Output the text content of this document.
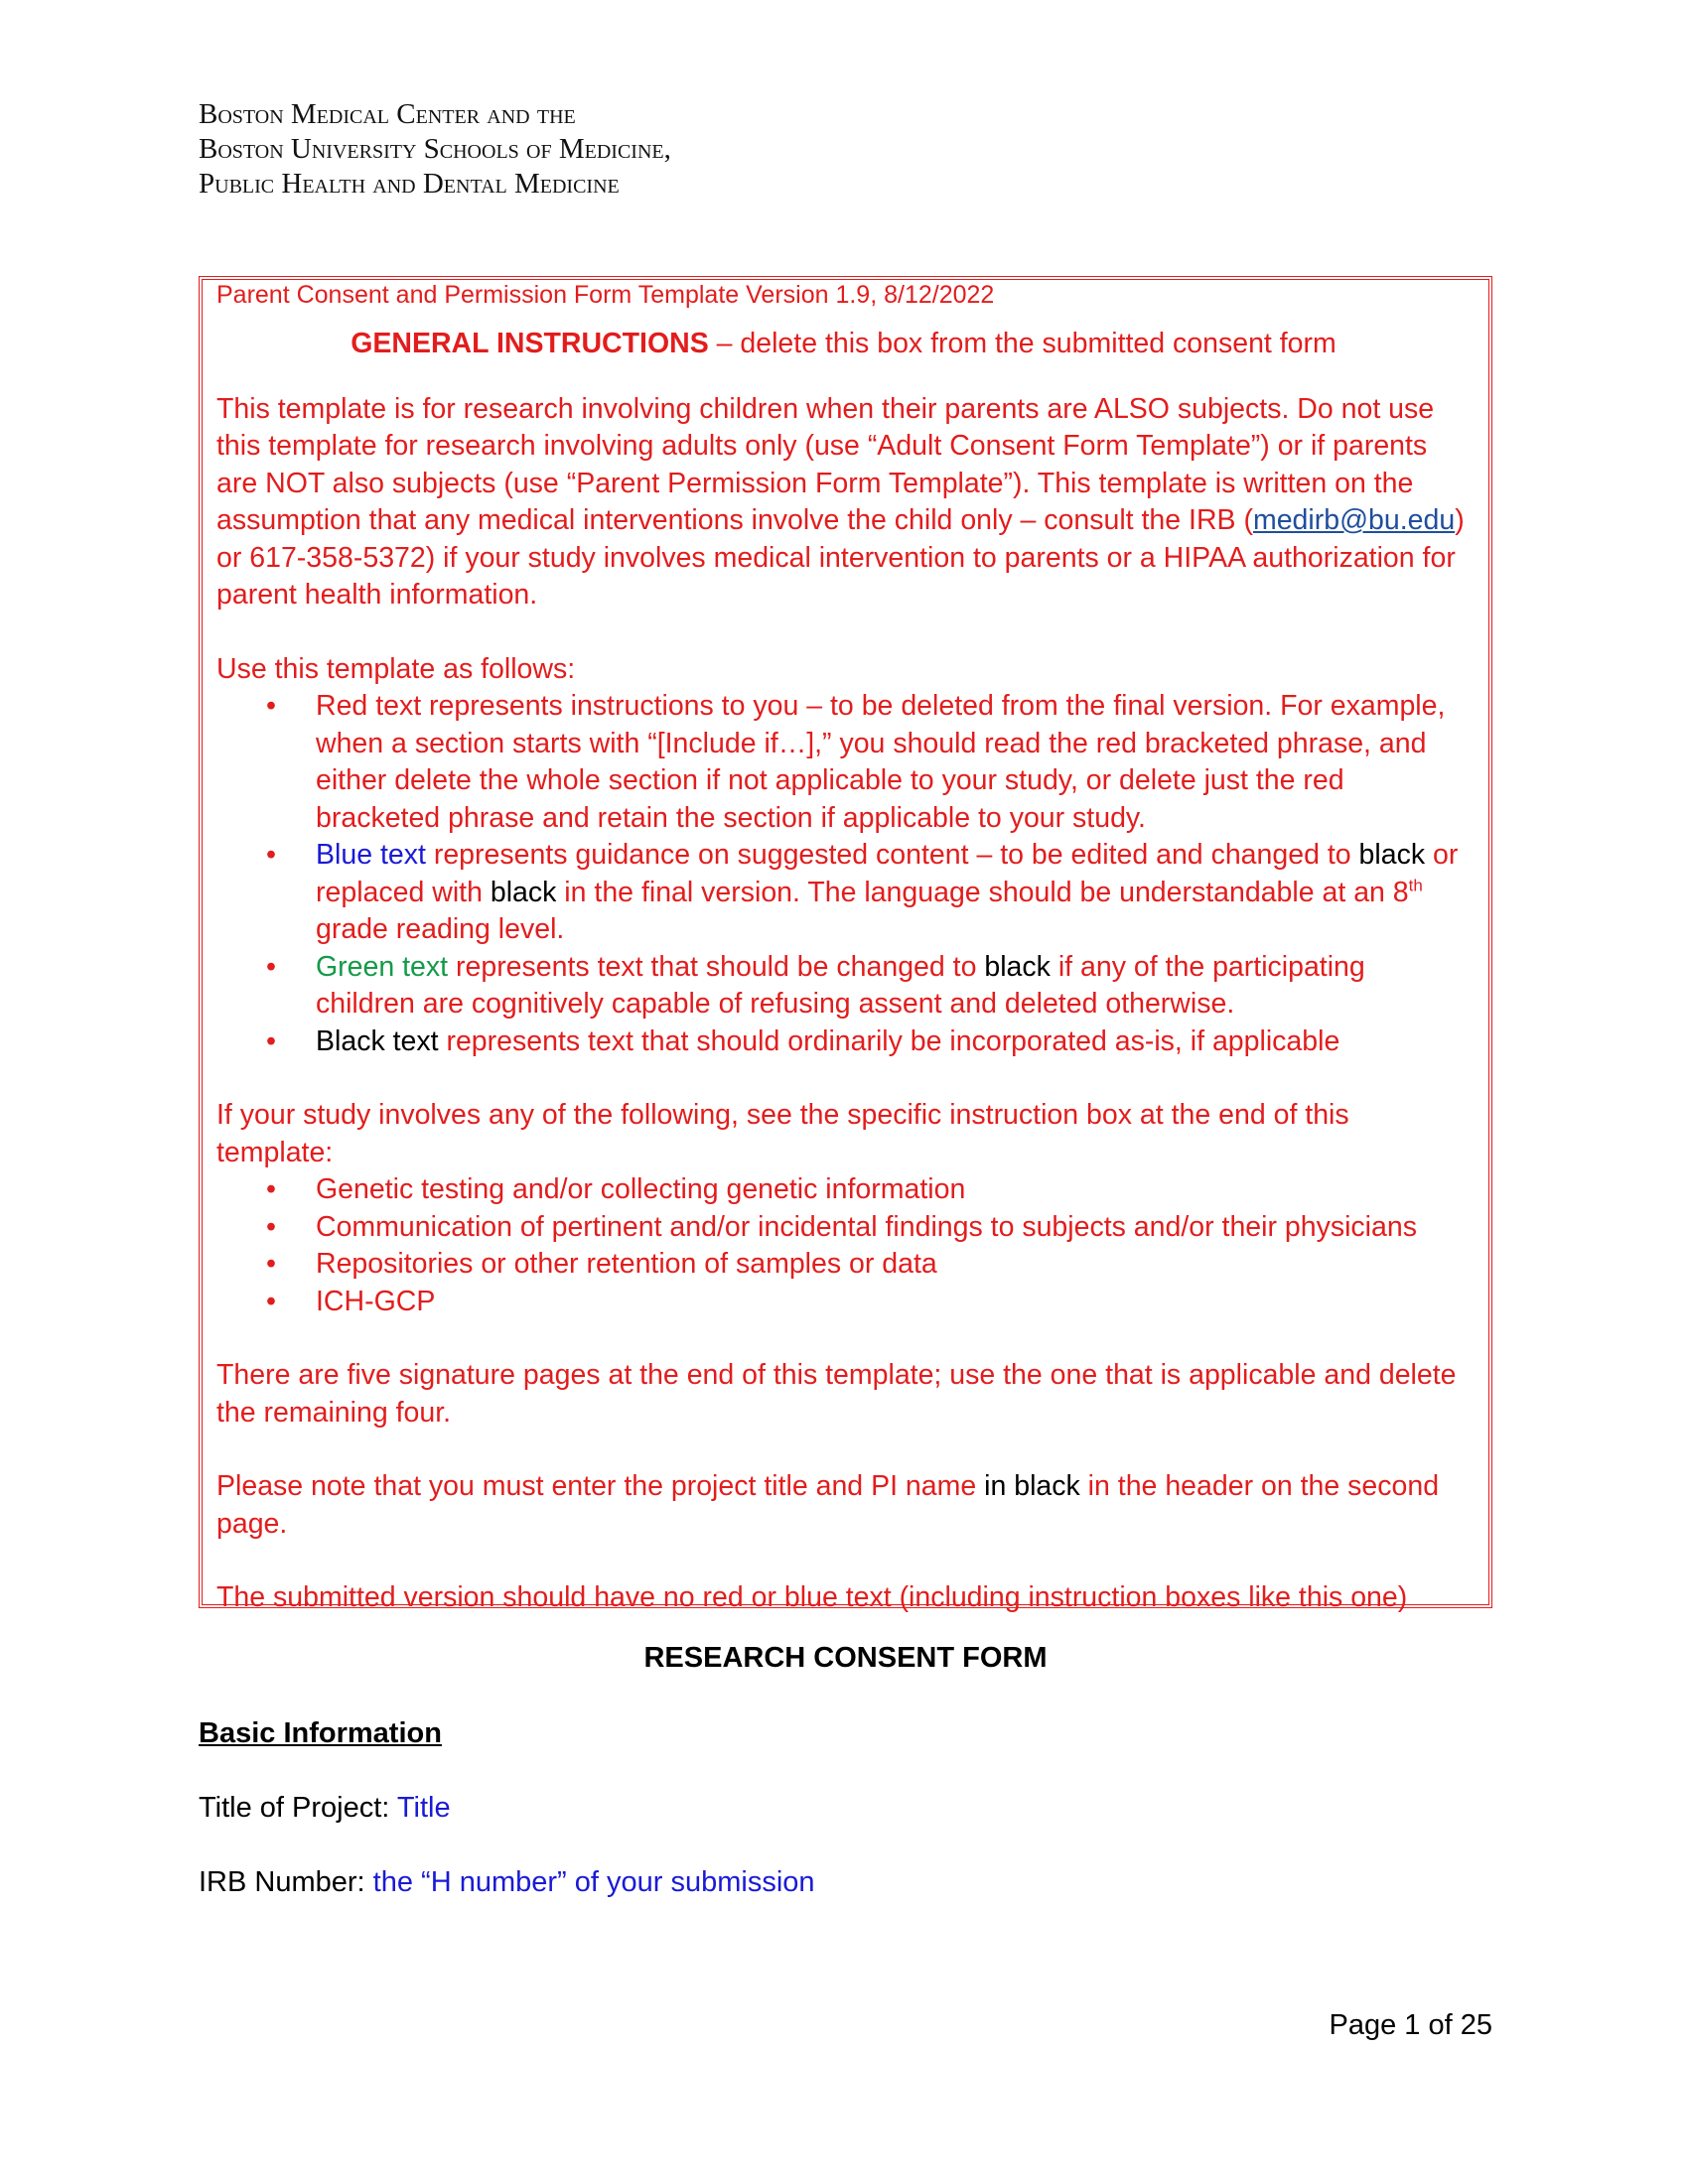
Boston Medical Center and the
Boston University Schools of Medicine,
Public Health and Dental Medicine

Parent Consent and Permission Form Template Version 1.9, 8/12/2022

GENERAL INSTRUCTIONS – delete this box from the submitted consent form

This template is for research involving children when their parents are ALSO subjects. Do not use this template for research involving adults only (use “Adult Consent Form Template”) or if parents are NOT also subjects (use “Parent Permission Form Template”). This template is written on the assumption that any medical interventions involve the child only – consult the IRB (medirb@bu.edu) or 617-358-5372) if your study involves medical intervention to parents or a HIPAA authorization for parent health information.

Use this template as follows:

• Red text represents instructions to you – to be deleted from the final version. For example, when a section starts with “[Include if…],” you should read the red bracketed phrase, and either delete the whole section if not applicable to your study, or delete just the red bracketed phrase and retain the section if applicable to your study.
• Blue text represents guidance on suggested content – to be edited and changed to black or replaced with black in the final version. The language should be understandable at an 8th grade reading level.
• Green text represents text that should be changed to black if any of the participating children are cognitively capable of refusing assent and deleted otherwise.
• Black text represents text that should ordinarily be incorporated as-is, if applicable

If your study involves any of the following, see the specific instruction box at the end of this template:

• Genetic testing and/or collecting genetic information
• Communication of pertinent and/or incidental findings to subjects and/or their physicians
• Repositories or other retention of samples or data
• ICH-GCP

There are five signature pages at the end of this template; use the one that is applicable and delete the remaining four.

Please note that you must enter the project title and PI name in black in the header on the second page.

The submitted version should have no red or blue text (including instruction boxes like this one)

RESEARCH CONSENT FORM
Basic Information
Title of Project: Title
IRB Number: the “H number” of your submission
Page 1 of 25
